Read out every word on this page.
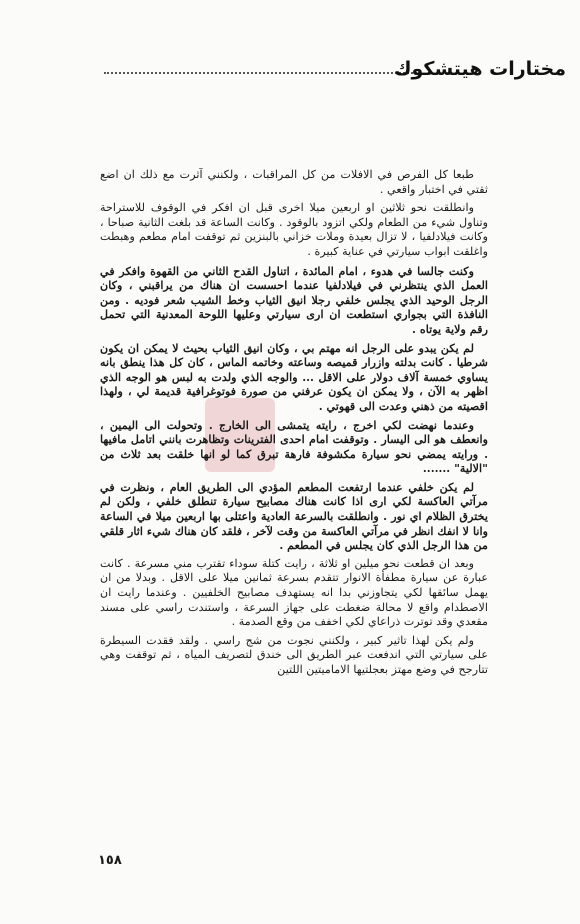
مختارات هيتشكوك

طبعا كل الفرص في الافلات من كل المراقبات ، ولكنني آثرت مع ذلك ان اضع ثقتي في اختبار واقعي .

وانطلقت نحو ثلاثين او اربعين ميلا اخرى قبل ان افكر في الوقوف للاستراحة وتناول شيء من الطعام ولكي اتزود بالوقود . وكانت الساعة قد بلغت الثانية صباحا ، وكانت فيلادلفيا ، لا تزال بعيدة وملات خزاني بالبنزين ثم توقفت امام مطعم وهبطت واغلقت ابواب سيارتي في عناية كبيرة .

وكنت جالسا في هدوء ، امام المائدة ، اتناول القدح الثاني من القهوة وافكر في العمل الذي ينتظرني في فيلادلفيا عندما احسست ان هناك من يراقبني ، وكان الرجل الوحيد الذي يجلس خلفي رجلا انيق الثياب وخط الشيب شعر فوديه . ومن النافذة التي بجواري استطعت ان ارى سيارتي وعليها اللوحة المعدنية التي تحمل رقم ولاية يوتاه .

لم يكن يبدو على الرجل انه مهتم بي ، وكان انيق الثياب بحيث لا يمكن ان يكون شرطيا . كانت بدلته وازرار قميصه وساعته وخاتمه الماس ، كان كل هذا ينطق بانه يساوي خمسة آلاف دولار على الاقل ... والوجه الذي ولدت به لبس هو الوجه الذي اظهر به الآن ، ولا يمكن ان يكون عرفني من صورة فوتوغرافية قديمة لي ، ولهذا اقصيته من ذهني وعدت الى قهوتي .

وعندما نهضت لكي اخرج ، رايته يتمشى الى الخارج . وتحولت الى اليمين ، وانعطف هو الى اليسار . وتوقفت امام احدى الفترينات وتظاهرت بانني اتامل مافيها . ورايته يمضي نحو سيارة مكشوفة فارهة تبرق كما لو انها خلقت بعد ثلاث من "الالية" .......

لم يكن خلفي عندما ارتفعت المطعم المؤدي الى الطريق العام ، ونظرت في مرآتي العاكسة لكي ارى اذا كانت هناك مصابيح سيارة تنطلق خلفي ، ولكن لم يخترق الظلام اي نور . وانطلقت بالسرعة العادية واعتلى بها اربعين ميلا في الساعة وانا لا انفك انظر في مرآتي العاكسة من وقت لآخر ، فلقد كان هناك شيء اثار قلقي من هذا الرجل الذي كان يجلس في المطعم .

وبعد ان قطعت نحو ميلين او ثلاثة ، رايت كتلة سوداء تقترب مني مسرعة . كانت عبارة عن سيارة مطفأة الانوار تتقدم بسرعة ثمانين ميلا على الاقل . وبدلا من ان يهمل سائقها لكي يتجاوزني بدا انه يستهدف مصابيح الخلفيين . وعندما رايت ان الاصطدام واقع لا محالة ضغطت على جهاز السرعة ، واستندت راسي على مسند مقعدي وقد توترت ذراعاي لكي اخفف من وقع الصدمة .

ولم يكن لهذا تاثير كبير ، ولكنني نجوت من شج راسي . ولقد فقدت السيطرة على سيارتي التي اندفعت عبر الطريق الى خندق لتصريف المياه ، ثم توقفت وهي تتارجح في وضع مهتز بعجلتيها الاماميتين اللتين

١٥٨
